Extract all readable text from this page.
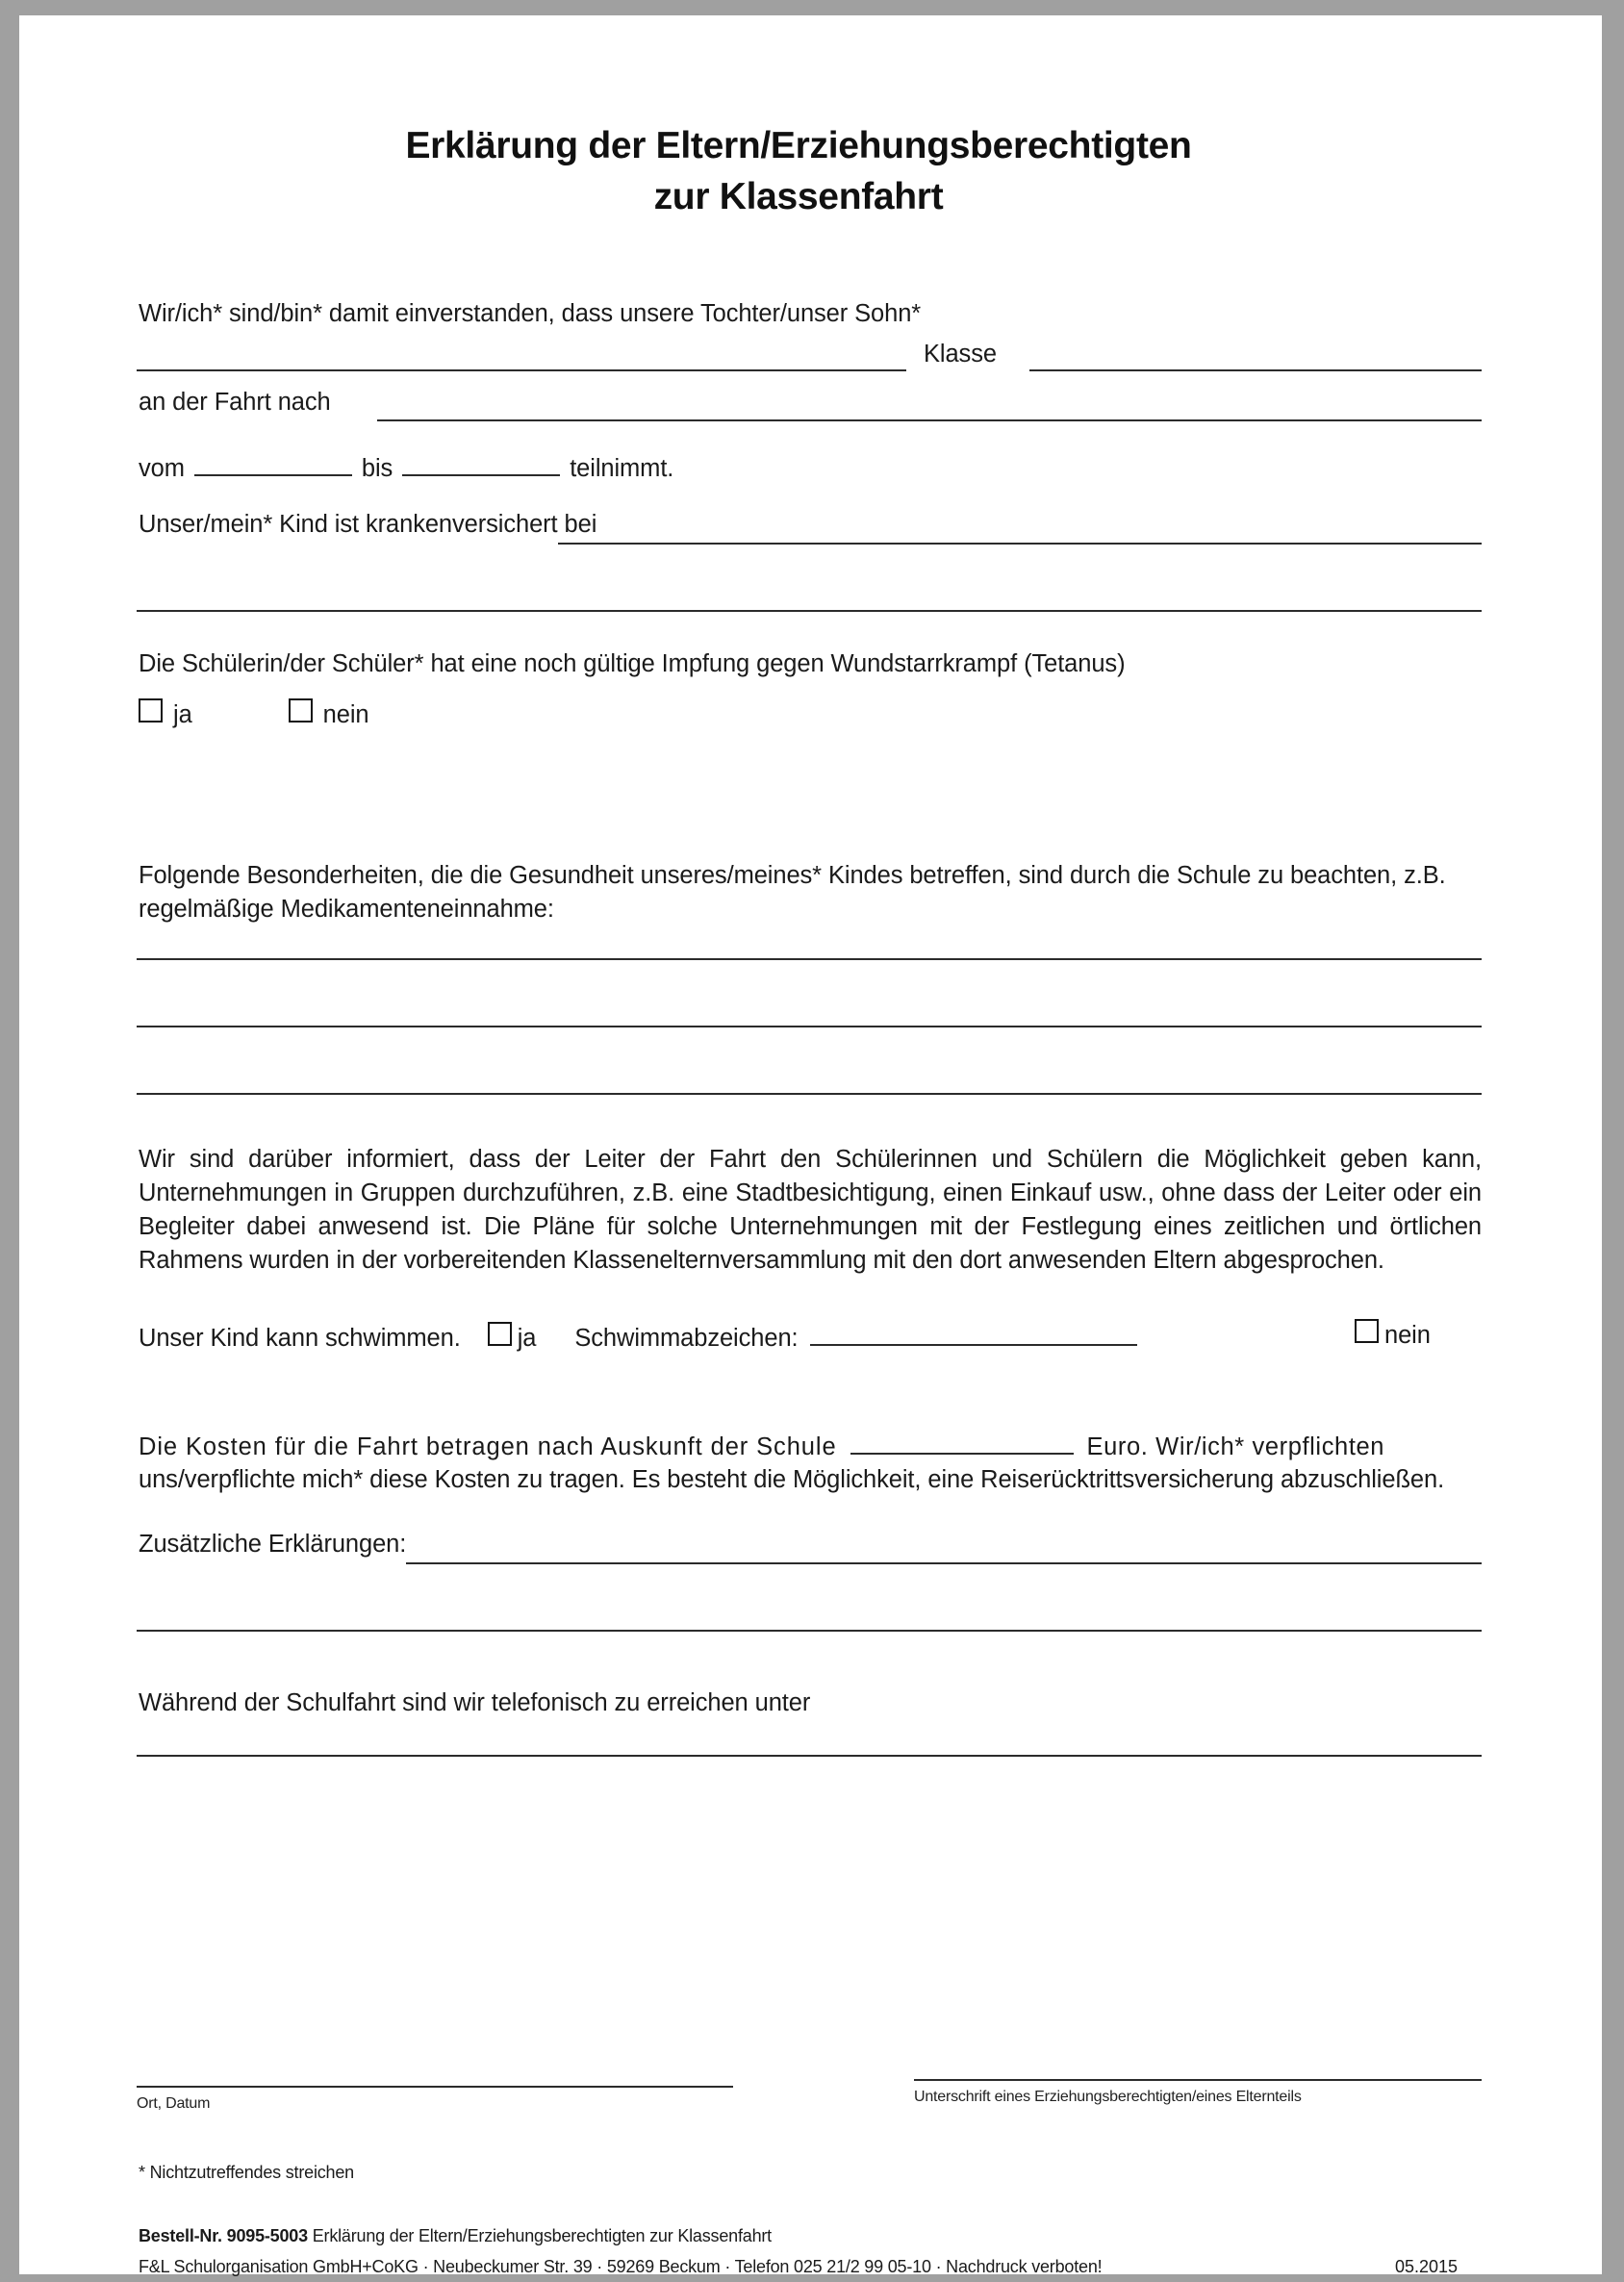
Erklärung der Eltern/Erziehungsberechtigten
zur Klassenfahrt
Wir/ich* sind/bin* damit einverstanden, dass unsere Tochter/unser Sohn*
Klasse
an der Fahrt nach
vom	bis	teilnimmt.
Unser/mein* Kind ist krankenversichert bei
Die Schülerin/der Schüler* hat eine noch gültige Impfung gegen Wundstarrkrampf (Tetanus)
ja	nein
Folgende Besonderheiten, die die Gesundheit unseres/meines* Kindes betreffen, sind durch die Schule zu beachten, z.B.
regelmäßige Medikamenteneinnahme:
Wir sind darüber informiert, dass der Leiter der Fahrt den Schülerinnen und Schülern die Möglichkeit geben kann, Unternehmungen in Gruppen durchzuführen, z.B. eine Stadtbesichtigung, einen Einkauf usw., ohne dass der Leiter oder ein Begleiter dabei anwesend ist. Die Pläne für solche Unternehmungen mit der Festlegung eines zeitlichen und örtlichen Rahmens wurden in der vorbereitenden Klassenelternversammlung mit den dort anwesenden Eltern abgesprochen.
Unser Kind kann schwimmen. ja Schwimmabzeichen:	nein
Die Kosten für die Fahrt betragen nach Auskunft der Schule	Euro. Wir/ich* verpflichten
uns/verpflichte mich* diese Kosten zu tragen. Es besteht die Möglichkeit, eine Reiserücktrittsversicherung abzuschließen.
Zusätzliche Erklärungen:
Während der Schulfahrt sind wir telefonisch zu erreichen unter
Ort, Datum	Unterschrift eines Erziehungsberechtigten/eines Elternteils
* Nichtzutreffendes streichen
Bestell-Nr. 9095-5003 Erklärung der Eltern/Erziehungsberechtigten zur Klassenfahrt
F&L Schulorganisation GmbH+CoKG · Neubeckumer Str. 39 · 59269 Beckum · Telefon 025 21/2 99 05-10 · Nachdruck verboten!	05.2015
